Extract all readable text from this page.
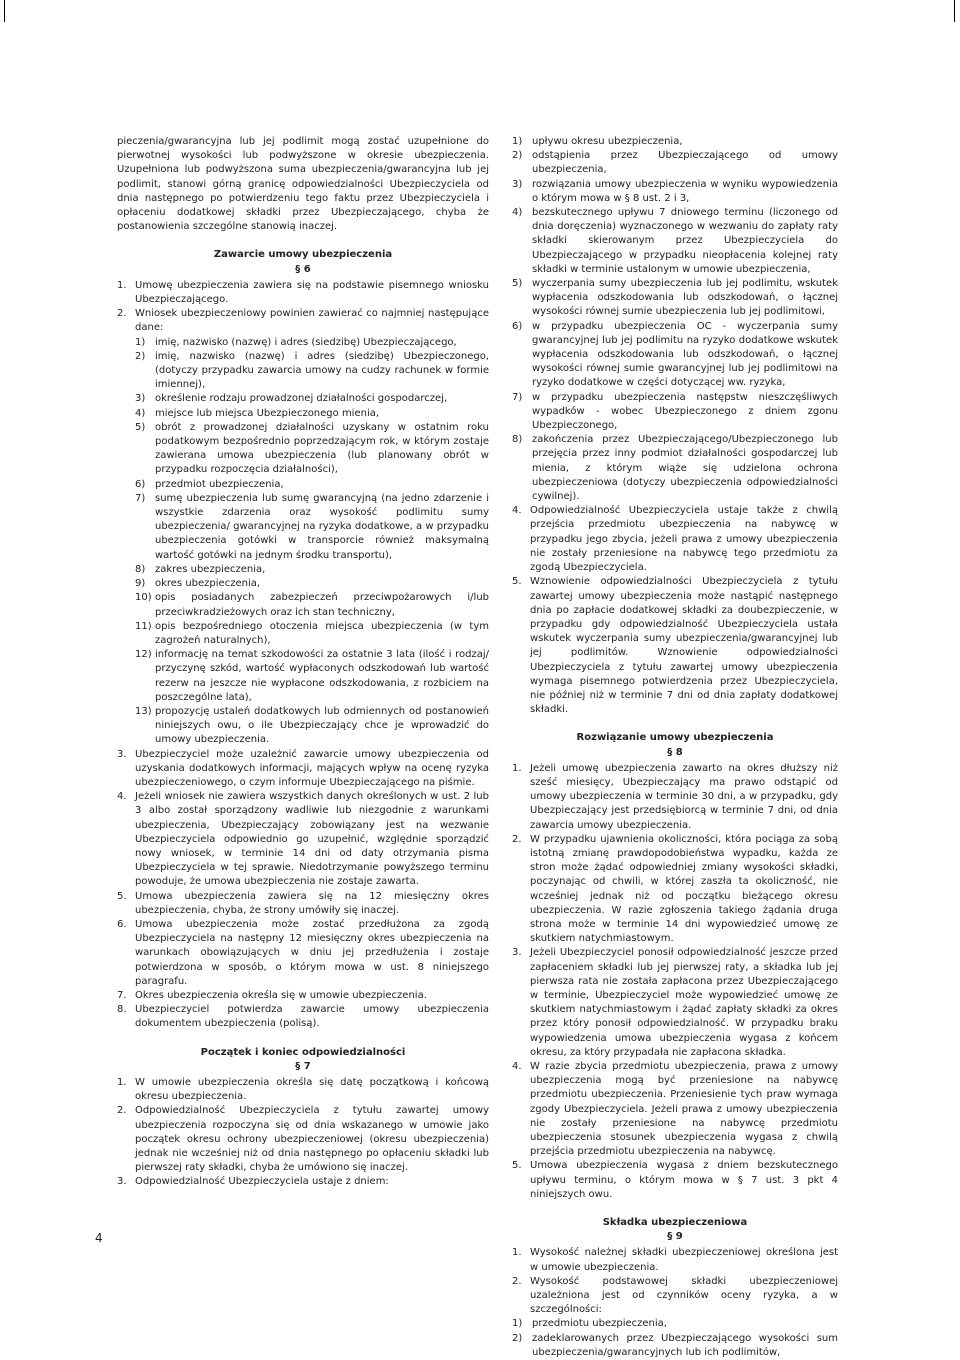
pieczenia/gwarancyjna lub jej podlimit mogą zostać uzupełnione do pierwotnej wysokości lub podwyższone w okresie ubezpieczenia. Uzupełniona lub podwyższona suma ubezpieczenia/gwarancyjna lub jej podlimit, stanowi górną granicę odpowiedzialności Ubezpieczyciela od dnia następnego po potwierdzeniu tego faktu przez Ubezpieczyciela i opłaceniu dodatkowej składki przez Ubezpieczającego, chyba że postanowienia szczególne stanowią inaczej.

Zawarcie umowy ubezpieczenia
§ 6
1. Umowę ubezpieczenia zawiera się na podstawie pisemnego wniosku Ubezpieczającego.
2. Wniosek ubezpieczeniowy powinien zawierać co najmniej następujące dane:
1) imię, nazwisko (nazwę) i adres (siedzibę) Ubezpieczającego,
2) imię, nazwisko (nazwę) i adres (siedzibę) Ubezpieczonego, (dotyczy przypadku zawarcia umowy na cudzy rachunek w formie imiennej),
3) określenie rodzaju prowadzonej działalności gospodarczej,
4) miejsce lub miejsca Ubezpieczonego mienia,
5) obrót z prowadzonej działalności uzyskany w ostatnim roku podatkowym bezpośrednio poprzedzającym rok, w którym zostaje zawierana umowa ubezpieczenia (lub planowany obrót w przypadku rozpoczęcia działalności),
6) przedmiot ubezpieczenia,
7) sumę ubezpieczenia lub sumę gwarancyjną (na jedno zdarzenie i wszystkie zdarzenia oraz wysokość podlimitu sumy ubezpieczenia/ gwarancyjnej na ryzyka dodatkowe, a w przypadku ubezpieczenia gotówki w transporcie również maksymalną wartość gotówki na jednym środku transportu),
8) zakres ubezpieczenia,
9) okres ubezpieczenia,
10) opis posiadanych zabezpieczeń przeciwpożarowych i/lub przeciwkradzieżowych oraz ich stan techniczny,
11) opis bezpośredniego otoczenia miejsca ubezpieczenia (w tym zagrożeń naturalnych),
12) informację na temat szkodowości za ostatnie 3 lata (ilość i rodzaj/ przyczynę szkód, wartość wypłaconych odszkodowań lub wartość rezerw na jeszcze nie wypłacone odszkodowania, z rozbiciem na poszczególne lata),
13) propozycję ustaleń dodatkowych lub odmiennych od postanowień niniejszych owu, o ile Ubezpieczający chce je wprowadzić do umowy ubezpieczenia.
3. Ubezpieczyciel może uzależnić zawarcie umowy ubezpieczenia od uzyskania dodatkowych informacji, mających wpływ na ocenę ryzyka ubezpieczeniowego, o czym informuje Ubezpieczającego na piśmie.
4. Jeżeli wniosek nie zawiera wszystkich danych określonych w ust. 2 lub 3 albo został sporządzony wadliwie lub niezgodnie z warunkami ubezpieczenia, Ubezpieczający zobowiązany jest na wezwanie Ubezpieczyciela odpowiednio go uzupełnić, względnie sporządzić nowy wniosek, w terminie 14 dni od daty otrzymania pisma Ubezpieczyciela w tej sprawie. Niedotrzymanie powyższego terminu powoduje, że umowa ubezpieczenia nie zostaje zawarta.
5. Umowa ubezpieczenia zawiera się na 12 miesięczny okres ubezpieczenia, chyba, że strony umówiły się inaczej.
6. Umowa ubezpieczenia może zostać przedłużona za zgodą Ubezpieczyciela na następny 12 miesięczny okres ubezpieczenia na warunkach obowiązujących w dniu jej przedłużenia i zostaje potwierdzona w sposób, o którym mowa w ust. 8 niniejszego paragrafu.
7. Okres ubezpieczenia określa się w umowie ubezpieczenia.
8. Ubezpieczyciel potwierdza zawarcie umowy ubezpieczenia dokumentem ubezpieczenia (polisą).
Początek i koniec odpowiedzialności
§ 7
1. W umowie ubezpieczenia określa się datę początkową i końcową okresu ubezpieczenia.
2. Odpowiedzialność Ubezpieczyciela z tytułu zawartej umowy ubezpieczenia rozpoczyna się od dnia wskazanego w umowie jako początek okresu ochrony ubezpieczeniowej (okresu ubezpieczenia) jednak nie wcześniej niż od dnia następnego po opłaceniu składki lub pierwszej raty składki, chyba że umówiono się inaczej.
3. Odpowiedzialność Ubezpieczyciela ustaje z dniem:
1) upływu okresu ubezpieczenia,
2) odstąpienia przez Ubezpieczającego od umowy ubezpieczenia,
3) rozwiązania umowy ubezpieczenia w wyniku wypowiedzenia o którym mowa w § 8 ust. 2 i 3,
4) bezskutecznego upływu 7 dniowego terminu (liczonego od dnia doręczenia) wyznaczonego w wezwaniu do zapłaty raty składki skierowanym przez Ubezpieczyciela do Ubezpieczającego w przypadku nieopłacenia kolejnej raty składki w terminie ustalonym w umowie ubezpieczenia,
5) wyczerpania sumy ubezpieczenia lub jej podlimitu, wskutek wypłacenia odszkodowania lub odszkodowań, o łącznej wysokości równej sumie ubezpieczenia lub jej podlimitowi,
6) w przypadku ubezpieczenia OC - wyczerpania sumy gwarancyjnej lub jej podlimitu na ryzyko dodatkowe wskutek wypłacenia odszkodowania lub odszkodowań, o łącznej wysokości równej sumie gwarancyjnej lub jej podlimitowi na ryzyko dodatkowe w części dotyczącej ww. ryzyka,
7) w przypadku ubezpieczenia następstw nieszczęśliwych wypadków - wobec Ubezpieczonego z dniem zgonu Ubezpieczonego,
8) zakończenia przez Ubezpieczającego/Ubezpieczonego lub przejęcia przez inny podmiot działalności gospodarczej lub mienia, z którym wiąże się udzielona ochrona ubezpieczeniowa (dotyczy ubezpieczenia odpowiedzialności cywilnej).
4. Odpowiedzialność Ubezpieczyciela ustaje także z chwilą przejścia przedmiotu ubezpieczenia na nabywcę w przypadku jego zbycia, jeżeli prawa z umowy ubezpieczenia nie zostały przeniesione na nabywcę tego przedmiotu za zgodą Ubezpieczyciela.
5. Wznowienie odpowiedzialności Ubezpieczyciela z tytułu zawartej umowy ubezpieczenia może nastąpić następnego dnia po zapłacie dodatkowej składki za doubezpieczenie, w przypadku gdy odpowiedzialność Ubezpieczyciela ustała wskutek wyczerpania sumy ubezpieczenia/gwarancyjnej lub jej podlimitów. Wznowienie odpowiedzialności Ubezpieczyciela z tytułu zawartej umowy ubezpieczenia wymaga pisemnego potwierdzenia przez Ubezpieczyciela, nie później niż w terminie 7 dni od dnia zapłaty dodatkowej składki.
Rozwiązanie umowy ubezpieczenia
§ 8
1. Jeżeli umowę ubezpieczenia zawarto na okres dłuższy niż sześć miesięcy, Ubezpieczający ma prawo odstąpić od umowy ubezpieczenia w terminie 30 dni, a w przypadku, gdy Ubezpieczający jest przedsiębiorcą w terminie 7 dni, od dnia zawarcia umowy ubezpieczenia.
2. W przypadku ujawnienia okoliczności, która pociąga za sobą istotną zmianę prawdopodobieństwa wypadku, każda ze stron może żądać odpowiedniej zmiany wysokości składki, poczynając od chwili, w której zaszła ta okoliczność, nie wcześniej jednak niż od początku bieżącego okresu ubezpieczenia. W razie zgłoszenia takiego żądania druga strona może w terminie 14 dni wypowiedzieć umowę ze skutkiem natychmiastowym.
3. Jeżeli Ubezpieczyciel ponosił odpowiedzialność jeszcze przed zapłaceniem składki lub jej pierwszej raty, a składka lub jej pierwsza rata nie została zapłacona przez Ubezpieczającego w terminie, Ubezpieczyciel może wypowiedzieć umowę ze skutkiem natychmiastowym i żądać zapłaty składki za okres przez który ponosił odpowiedzialność. W przypadku braku wypowiedzenia umowa ubezpieczenia wygasa z końcem okresu, za który przypadała nie zapłacona składka.
4. W razie zbycia przedmiotu ubezpieczenia, prawa z umowy ubezpieczenia mogą być przeniesione na nabywcę przedmiotu ubezpieczenia. Przeniesienie tych praw wymaga zgody Ubezpieczyciela. Jeżeli prawa z umowy ubezpieczenia nie zostały przeniesione na nabywcę przedmiotu ubezpieczenia stosunek ubezpieczenia wygasa z chwilą przejścia przedmiotu ubezpieczenia na nabywcę.
5. Umowa ubezpieczenia wygasa z dniem bezskutecznego upływu terminu, o którym mowa w § 7 ust. 3 pkt 4 niniejszych owu.
Składka ubezpieczeniowa
§ 9
1. Wysokość należnej składki ubezpieczeniowej określona jest w umowie ubezpieczenia.
2. Wysokość podstawowej składki ubezpieczeniowej uzależniona jest od czynników oceny ryzyka, a w szczególności:
1) przedmiotu ubezpieczenia,
2) zadeklarowanych przez Ubezpieczającego wysokości sum ubezpieczenia/gwarancyjnych lub ich podlimitów,
4
